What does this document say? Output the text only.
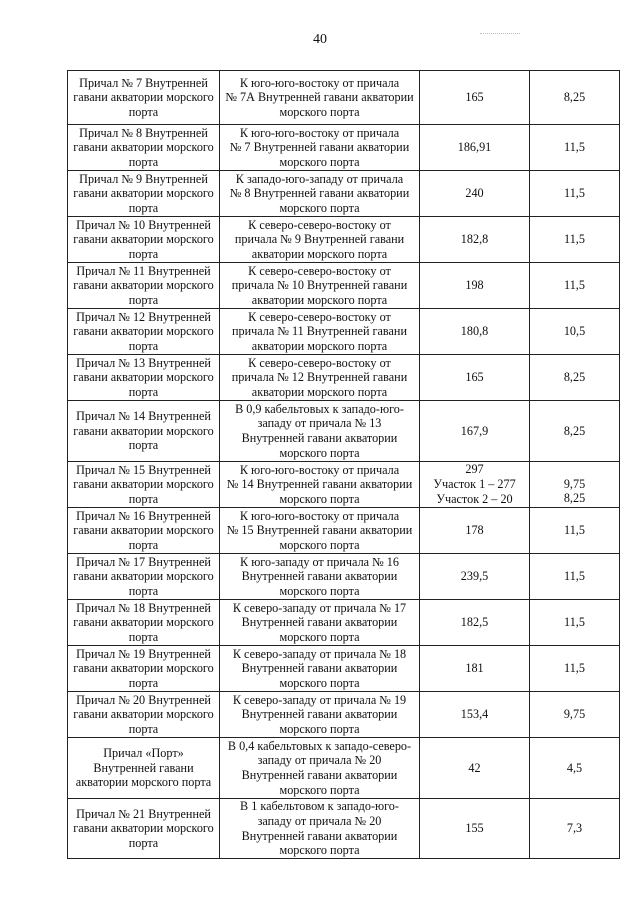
40
Причал № 7 Внутренней
гавани акватории морского
порта	К юго-юго-востоку от причала
№ 7А Внутренней гавани акватории
морского порта	165	8,25
Причал № 8 Внутренней
гавани акватории морского
порта	К юго-юго-востоку от причала
№ 7 Внутренней гавани акватории
морского порта	186,91	11,5
Причал № 9 Внутренней
гавани акватории морского
порта	К западо-юго-западу от причала
№ 8 Внутренней гавани акватории
морского порта	240	11,5
Причал № 10 Внутренней
гавани акватории морского
порта	К северо-северо-востоку от
причала № 9 Внутренней гавани
акватории морского порта	182,8	11,5
Причал № 11 Внутренней
гавани акватории морского
порта	К северо-северо-востоку от
причала № 10 Внутренней гавани
акватории морского порта	198	11,5
Причал № 12 Внутренней
гавани акватории морского
порта	К северо-северо-востоку от
причала № 11 Внутренней гавани
акватории морского порта	180,8	10,5
Причал № 13 Внутренней
гавани акватории морского
порта	К северо-северо-востоку от
причала № 12 Внутренней гавани
акватории морского порта	165	8,25
Причал № 14 Внутренней
гавани акватории морского
порта	В 0,9 кабельтовых к западо-юго-
западу от причала № 13
Внутренней гавани акватории
морского порта	167,9	8,25
Причал № 15 Внутренней
гавани акватории морского
порта	К юго-юго-востоку от причала
№ 14 Внутренней гавани акватории
морского порта	297
Участок 1 – 277
Участок 2 – 20	9,75
8,25
Причал № 16 Внутренней
гавани акватории морского
порта	К юго-юго-востоку от причала
№ 15 Внутренней гавани акватории
морского порта	178	11,5
Причал № 17 Внутренней
гавани акватории морского
порта	К юго-западу от причала № 16
Внутренней гавани акватории
морского порта	239,5	11,5
Причал № 18 Внутренней
гавани акватории морского
порта	К северо-западу от причала № 17
Внутренней гавани акватории
морского порта	182,5	11,5
Причал № 19 Внутренней
гавани акватории морского
порта	К северо-западу от причала № 18
Внутренней гавани акватории
морского порта	181	11,5
Причал № 20 Внутренней
гавани акватории морского
порта	К северо-западу от причала № 19
Внутренней гавани акватории
морского порта	153,4	9,75
Причал «Порт»
Внутренней гавани
акватории морского порта	В 0,4 кабельтовых к западо-северо-
западу от причала № 20
Внутренней гавани акватории
морского порта	42	4,5
Причал № 21 Внутренней
гавани акватории морского
порта	В 1 кабельтовом к западо-юго-
западу от причала № 20
Внутренней гавани акватории
морского порта	155	7,3
